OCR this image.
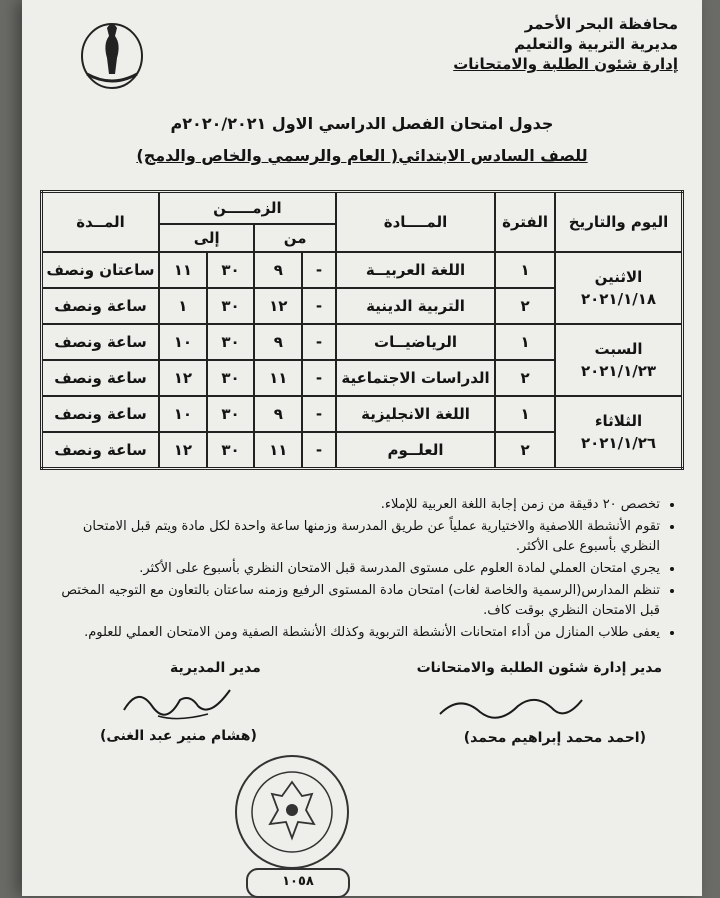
محافظة البحر الأحمر
مديرية التربية والتعليم
إدارة شئون الطلبة والامتحانات
جدول امتحان الفصل الدراسي الاول ٢٠٢٠/٢٠٢١م
للصف السادس الابتدائي( العام والرسمي والخاص والدمج)
اليوم والتاريخ	الفترة	المــــادة	الزمـــــن				المــدة
			من		إلى		

الاثنين
٢٠٢١/١/١٨	١	اللغة العربيــة	-	٩	٣٠	١١	ساعتان ونصف
	٢	التربية الدينية	-	١٢	٣٠	١	ساعة ونصف

السبت
٢٠٢١/١/٢٣	١	الرياضيــات	-	٩	٣٠	١٠	ساعة ونصف
	٢	الدراسات الاجتماعية	-	١١	٣٠	١٢	ساعة ونصف

الثلاثاء
٢٠٢١/١/٢٦	١	اللغة الانجليزية	-	٩	٣٠	١٠	ساعة ونصف
	٢	العلــوم	-	١١	٣٠	١٢	ساعة ونصف
• تخصص ٢٠ دقيقة من زمن إجابة اللغة العربية للإملاء.
• تقوم الأنشطة اللاصفية والاختيارية عملياً عن طريق المدرسة وزمنها ساعة واحدة لكل مادة ويتم قبل الامتحان النظري بأسبوع على الأكثر.
• يجري امتحان العملي لمادة العلوم على مستوى المدرسة قبل الامتحان النظري بأسبوع على الأكثر.
• تنظم المدارس(الرسمية والخاصة لغات) امتحان مادة المستوى الرفيع وزمنه ساعتان بالتعاون مع التوجيه المختص قبل الامتحان النظري بوقت كاف.
• يعفى طلاب المنازل من أداء امتحانات الأنشطة التربوية وكذلك الأنشطة الصفية ومن الامتحان العملي للعلوم.
مدير المديرية	مدير إدارة شئون الطلبة والامتحانات
(هشام منير عبد الغنى)	(احمد محمد إبراهيم محمد)
١٠٥٨
